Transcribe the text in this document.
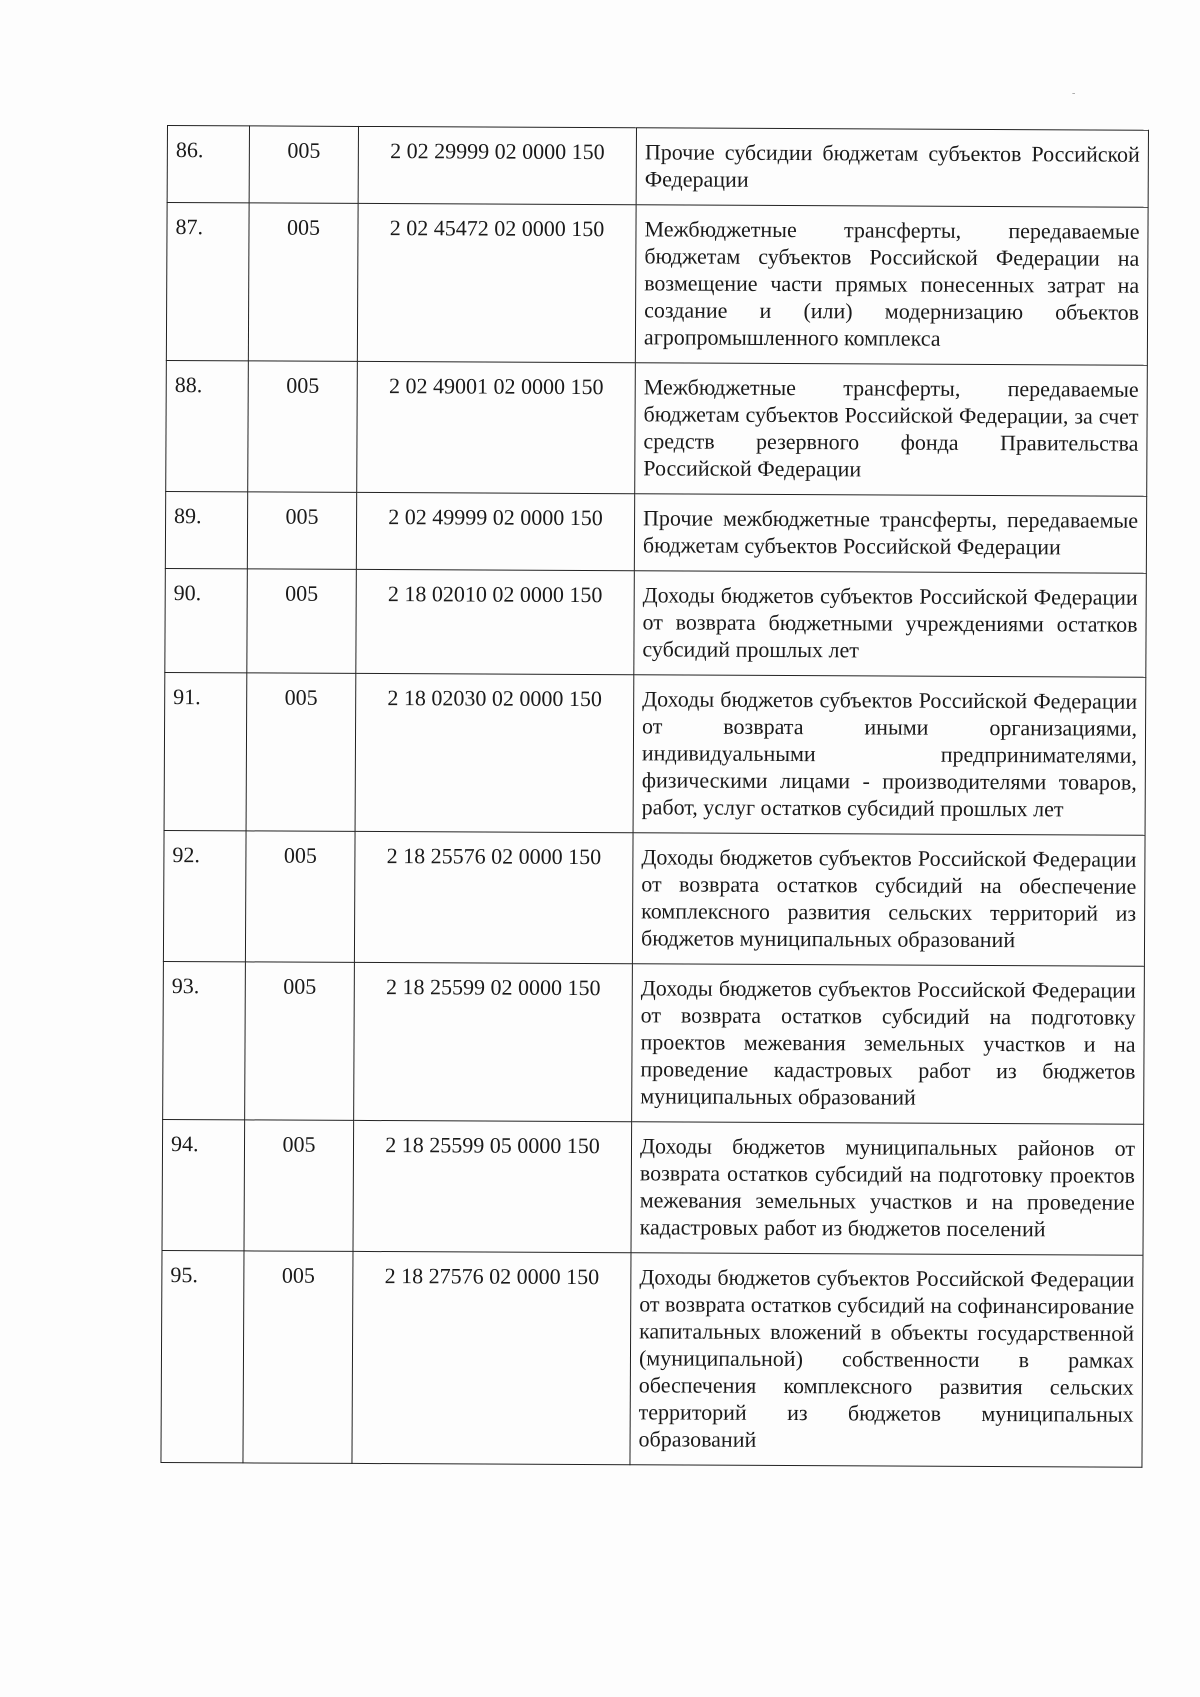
-
86.	005	2 02 29999 02 0000 150	Прочие субсидии бюджетам субъектов Российской Федерации
87.	005	2 02 45472 02 0000 150	Межбюджетные трансферты, передаваемые бюджетам субъектов Российской Федерации на возмещение части прямых понесенных затрат на создание и (или) модернизацию объектов агропромышленного комплекса
88.	005	2 02 49001 02 0000 150	Межбюджетные трансферты, передаваемые бюджетам субъектов Российской Федерации, за счет средств резервного фонда Правительства Российской Федерации
89.	005	2 02 49999 02 0000 150	Прочие межбюджетные трансферты, передаваемые бюджетам субъектов Российской Федерации
90.	005	2 18 02010 02 0000 150	Доходы бюджетов субъектов Российской Федерации от возврата бюджетными учреждениями остатков субсидий прошлых лет
91.	005	2 18 02030 02 0000 150	Доходы бюджетов субъектов Российской Федерации от возврата иными организациями, индивидуальными предпринимателями, физическими лицами - производителями товаров, работ, услуг остатков субсидий прошлых лет
92.	005	2 18 25576 02 0000 150	Доходы бюджетов субъектов Российской Федерации от возврата остатков субсидий на обеспечение комплексного развития сельских территорий из бюджетов муниципальных образований
93.	005	2 18 25599 02 0000 150	Доходы бюджетов субъектов Российской Федерации от возврата остатков субсидий на подготовку проектов межевания земельных участков и на проведение кадастровых работ из бюджетов муниципальных образований
94.	005	2 18 25599 05 0000 150	Доходы бюджетов муниципальных районов от возврата остатков субсидий на подготовку проектов межевания земельных участков и на проведение кадастровых работ из бюджетов поселений
95.	005	2 18 27576 02 0000 150	Доходы бюджетов субъектов Российской Федерации от возврата остатков субсидий на софинансирование капитальных вложений в объекты государственной (муниципальной) собственности в рамках обеспечения комплексного развития сельских территорий из бюджетов муниципальных образований
